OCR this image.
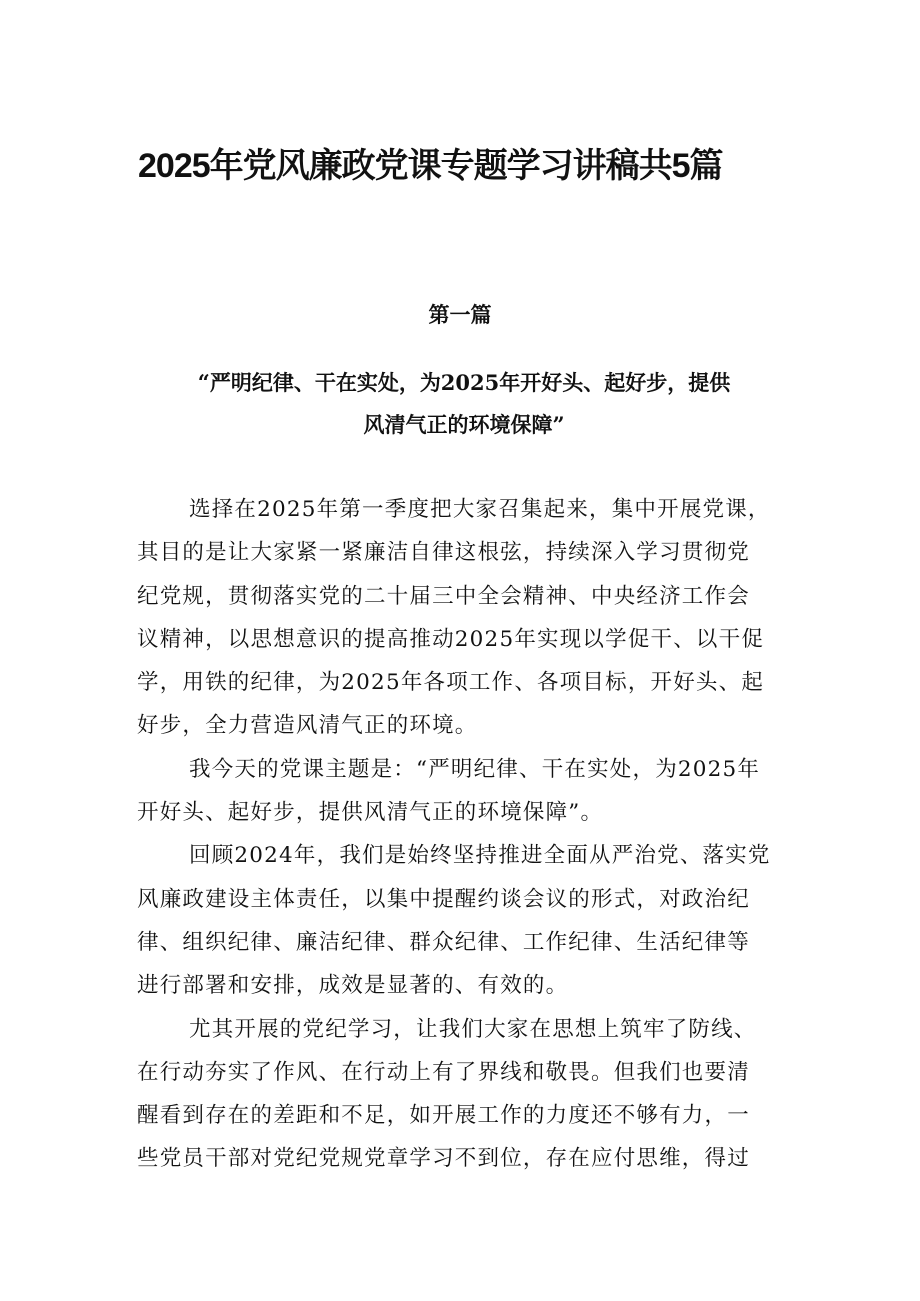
2025年党风廉政党课专题学习讲稿共5篇
第一篇
“严明纪律、干在实处，为2025年开好头、起好步，提供
风清气正的环境保障”

选择在2025年第一季度把大家召集起来，集中开展党课，
其目的是让大家紧一紧廉洁自律这根弦，持续深入学习贯彻党
纪党规，贯彻落实党的二十届三中全会精神、中央经济工作会
议精神，以思想意识的提高推动2025年实现以学促干、以干促
学，用铁的纪律，为2025年各项工作、各项目标，开好头、起
好步，全力营造风清气正的环境。

我今天的党课主题是：“严明纪律、干在实处，为2025年
开好头、起好步，提供风清气正的环境保障”。

回顾2024年，我们是始终坚持推进全面从严治党、落实党
风廉政建设主体责任，以集中提醒约谈会议的形式，对政治纪
律、组织纪律、廉洁纪律、群众纪律、工作纪律、生活纪律等
进行部署和安排，成效是显著的、有效的。

尤其开展的党纪学习，让我们大家在思想上筑牢了防线、
在行动夯实了作风、在行动上有了界线和敬畏。但我们也要清
醒看到存在的差距和不足，如开展工作的力度还不够有力，一
些党员干部对党纪党规党章学习不到位，存在应付思维，得过
